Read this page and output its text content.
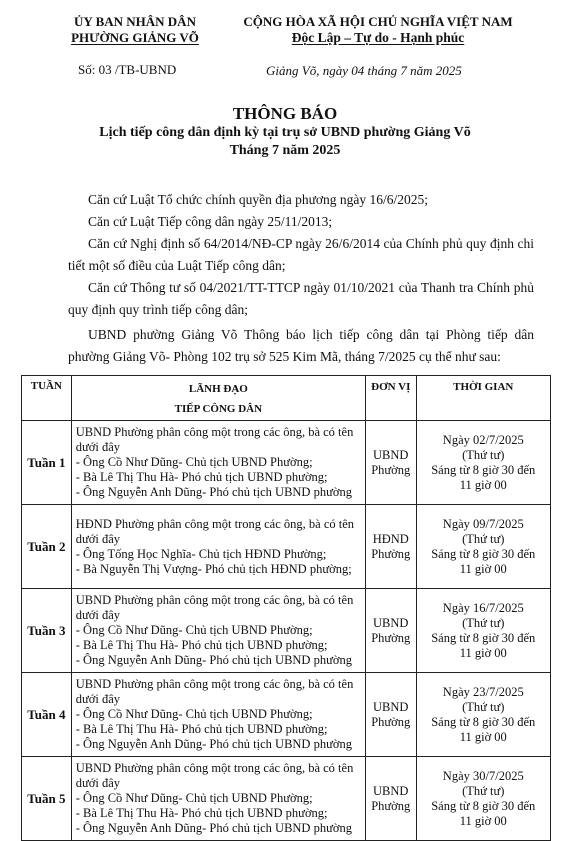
ỦY BAN NHÂN DÂN
PHƯỜNG GIẢNG VÕ
CỘNG HÒA XÃ HỘI CHỦ NGHĨA VIỆT NAM
Độc Lập – Tự do - Hạnh phúc
Số: 03 /TB-UBND	Giảng Võ, ngày 04 tháng 7 năm 2025
THÔNG BÁO
Lịch tiếp công dân định kỳ tại trụ sở UBND phường Giảng Võ
Tháng 7 năm 2025

Căn cứ Luật Tổ chức chính quyền địa phương ngày 16/6/2025;

Căn cứ Luật Tiếp công dân ngày 25/11/2013;

Căn cứ Nghị định số 64/2014/NĐ-CP ngày 26/6/2014 của Chính phủ quy định chi tiết một số điều của Luật Tiếp công dân;

Căn cứ Thông tư số 04/2021/TT-TTCP ngày 01/10/2021 của Thanh tra Chính phủ quy định quy trình tiếp công dân;

UBND phường Giảng Võ Thông báo lịch tiếp công dân tại Phòng tiếp dân phường Giảng Võ- Phòng 102 trụ sở 525 Kim Mã, tháng 7/2025 cụ thể như sau:

TUẦN	LÃNH ĐẠO
TIẾP CÔNG DÂN	ĐƠN VỊ	THỜI GIAN
Tuần 1	UBND Phường phân công một trong các ông, bà có tên
dưới đây
- Ông Cồ Như Dũng- Chủ tịch UBND Phường;
- Bà Lê Thị Thu Hà- Phó chủ tịch UBND phường;
- Ông Nguyễn Anh Dũng- Phó chủ tịch UBND phường	UBND
Phường	Ngày 02/7/2025
(Thứ tư)
Sáng từ 8 giờ 30 đến
11 giờ 00

Tuần 2	HĐND Phường phân công một trong các ông, bà có tên
dưới đây
- Ông Tống Học Nghĩa- Chủ tịch HĐND Phường;
- Bà Nguyễn Thị Vượng- Phó chủ tịch HĐND phường;	HĐND
Phường	Ngày 09/7/2025
(Thứ tư)
Sáng từ 8 giờ 30 đến
11 giờ 00

Tuần 3	UBND Phường phân công một trong các ông, bà có tên
dưới đây
- Ông Cồ Như Dũng- Chủ tịch UBND Phường;
- Bà Lê Thị Thu Hà- Phó chủ tịch UBND phường;
- Ông Nguyễn Anh Dũng- Phó chủ tịch UBND phường	UBND
Phường	Ngày 16/7/2025
(Thứ tư)
Sáng từ 8 giờ 30 đến
11 giờ 00

Tuần 4	UBND Phường phân công một trong các ông, bà có tên
dưới đây
- Ông Cồ Như Dũng- Chủ tịch UBND Phường;
- Bà Lê Thị Thu Hà- Phó chủ tịch UBND phường;
- Ông Nguyễn Anh Dũng- Phó chủ tịch UBND phường	UBND
Phường	Ngày 23/7/2025
(Thứ tư)
Sáng từ 8 giờ 30 đến
11 giờ 00

Tuần 5	UBND Phường phân công một trong các ông, bà có tên
dưới đây
- Ông Cồ Như Dũng- Chủ tịch UBND Phường;
- Bà Lê Thị Thu Hà- Phó chủ tịch UBND phường;
- Ông Nguyễn Anh Dũng- Phó chủ tịch UBND phường	UBND
Phường	Ngày 30/7/2025
(Thứ tư)
Sáng từ 8 giờ 30 đến
11 giờ 00
